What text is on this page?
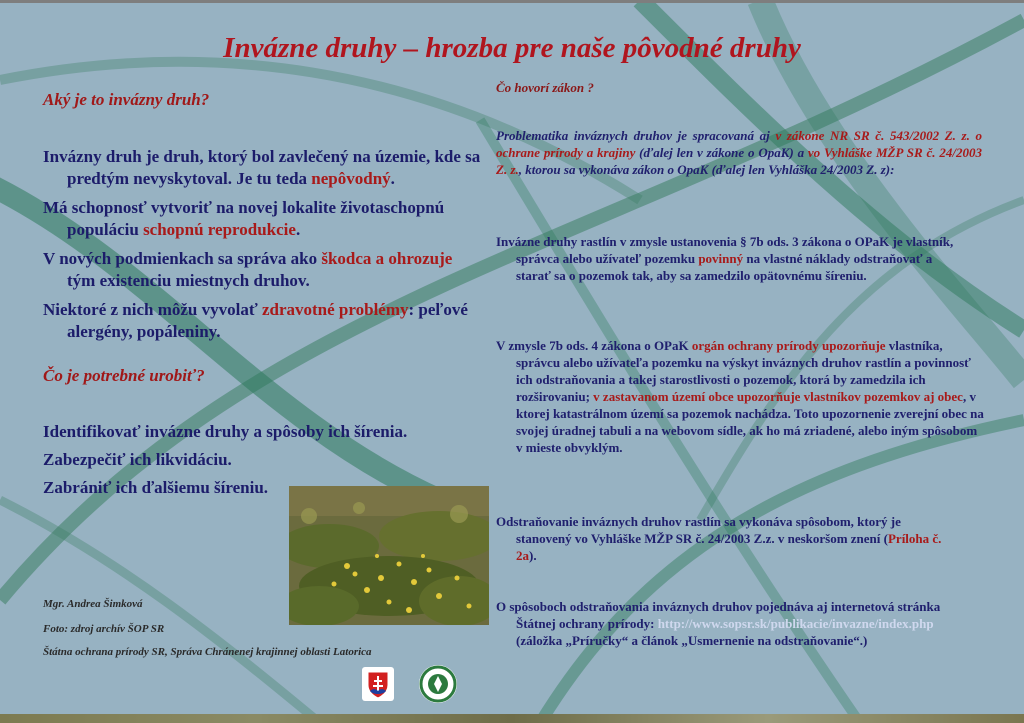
Invázne druhy – hrozba pre naše pôvodné druhy
Aký je to invázny druh?

Invázny druh je druh, ktorý bol zavlečený na územie, kde sa predtým nevyskytoval. Je tu teda nepôvodný.

Má schopnosť vytvoriť na novej lokalite životaschopnú populáciu schopnú reprodukcie.

V nových podmienkach sa správa ako škodca a ohrozuje tým existenciu miestnych druhov.

Niektoré z nich môžu vyvolať zdravotné problémy: peľové alergény, popáleniny.

Čo je potrebné urobiť?

Identifikovať invázne druhy a spôsoby ich šírenia.

Zabezpečiť ich likvidáciu.

Zabrániť ich ďalšiemu šíreniu.

Mgr. Andrea Šimková
Foto: zdroj archív ŠOP SR
Štátna ochrana prírody SR, Správa Chránenej krajinnej oblasti Latorica
Čo hovorí zákon ?
Problematika inváznych druhov je spracovaná aj v zákone NR SR č. 543/2002 Z. z. o ochrane prírody a krajiny (ďalej len v zákone o OpaK) a vo Vyhláške MŽP SR č. 24/2003 Z. z., ktorou sa vykonáva zákon o OpaK (ďalej len Vyhláška 24/2003 Z. z):

Invázne druhy rastlín v zmysle ustanovenia § 7b ods. 3 zákona o OPaK je vlastník, správca alebo užívateľ pozemku povinný na vlastné náklady odstraňovať a starať sa o pozemok tak, aby sa zamedzilo opätovnému šíreniu.

V zmysle 7b ods. 4 zákona o OPaK orgán ochrany prírody upozorňuje vlastníka, správcu alebo užívateľa pozemku na výskyt inváznych druhov rastlín a povinnosť ich odstraňovania a takej starostlivosti o pozemok, ktorá by zamedzila ich rozširovaniu; v zastavanom území obce upozorňuje vlastníkov pozemkov aj obec, v ktorej katastrálnom území sa pozemok nachádza. Toto upozornenie zverejní obec na svojej úradnej tabuli a na webovom sídle, ak ho má zriadené, alebo iným spôsobom v mieste obvyklým.

Odstraňovanie inváznych druhov rastlín sa vykonáva spôsobom, ktorý je stanovený vo Vyhláške MŽP SR č. 24/2003 Z.z. v neskoršom znení (Príloha č. 2a).

O spôsoboch odstraňovania inváznych druhov pojednáva aj internetová stránka Štátnej ochrany prírody: http://www.sopsr.sk/publikacie/invazne/index.php (záložka „Príručky“ a článok „Usmernenie na odstraňovanie“.)
